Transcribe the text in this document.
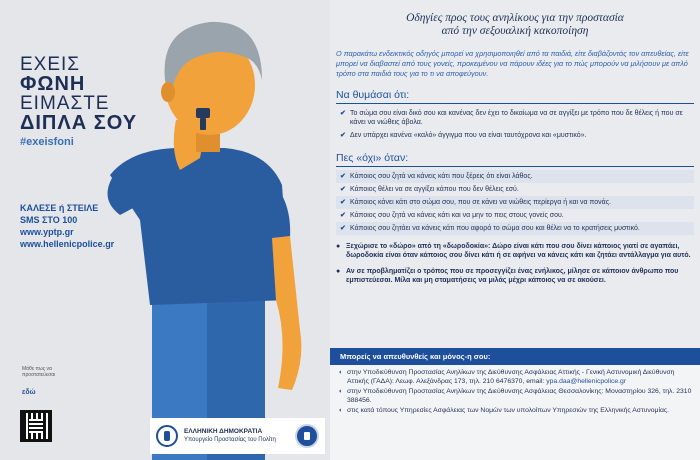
ΕΧΕΙΣ
ΦΩΝΗ
ΕΙΜΑΣΤΕ
ΔΙΠΛΑ ΣΟΥ
#exeisfoni
ΚΑΛΕΣΕ ή ΣΤΕΙΛΕ
SMS ΣΤΟ 100
www.yptp.gr
www.hellenicpolice.gr
Μάθε πως να προστατεύεσαι
εδώ
ΕΛΛΗΝΙΚΗ ΔΗΜΟΚΡΑΤΙΑ
Υπουργείο Προστασίας του Πολίτη
Οδηγίες προς τους ανηλίκους για την προστασία
από την σεξουαλική κακοποίηση
Ο παρακάτω ενδεικτικός οδηγός μπορεί να χρησιμοποιηθεί από τα παιδιά, είτε διαβάζοντάς τον απευθείας, είτε μπορεί να διαβαστεί από τους γονείς, προκειμένου να πάρουν ιδέες για το πώς μπορούν να μιλήσουν με απλό τρόπο στα παιδιά τους για το τι να αποφεύγουν.
Να θυμάσαι ότι:
✔ Το σώμα σου είναι δικό σου και κανένας δεν έχει το δικαίωμα να σε αγγίξει με τρόπο που δε θέλεις ή που σε κάνει να νιώθεις άβολα.
✔ Δεν υπάρχει κανένα «καλό» άγγιγμα που να είναι ταυτόχρονα και «μυστικό».
Πες «όχι» όταν:
✔ Κάποιος σου ζητά να κάνεις κάτι που ξέρεις ότι είναι λάθος.
✔ Κάποιος θέλει να σε αγγίξει κάπου που δεν θέλεις εσύ.
✔ Κάποιος κάνει κάτι στο σώμα σου, που σε κάνει να νιώθεις περίεργα ή και να πονάς.
✔ Κάποιος σου ζητά να κάνεις κάτι και να μην το πεις στους γονείς σου.
✔ Κάποιος σου ζητάει να κάνεις κάτι που αφορά το σώμα σου και θέλει να το κρατήσεις μυστικό.
● Ξεχώρισε το «δώρο» από τη «δωροδοκία»: Δώρο είναι κάτι που σου δίνει κάποιος γιατί σε αγαπάει, δωροδοκία είναι όταν κάποιος σου δίνει κάτι ή σε αφήνει να κάνεις κάτι και ζητάει αντάλλαγμα για αυτό.
● Αν σε προβληματίζει ο τρόπος που σε προσεγγίζει ένας ενήλικος, μίλησε σε κάποιον άνθρωπο που εμπιστεύεσαι. Μίλα και μη σταματήσεις να μιλάς μέχρι κάποιος να σε ακούσει.
Μπορείς να απευθυνθείς και μόνος-η σου:
◖ στην Υποδιεύθυνση Προστασίας Ανηλίκων της Διεύθυνσης Ασφάλειας Αττικής - Γενική Αστυνομική Διεύθυνση Αττικής (ΓΑΔΑ): Λεωφ. Αλεξάνδρας 173, τηλ. 210 6476370, email: ypa.daa@hellenicpolice.gr
◖ στην Υποδιεύθυνση Προστασίας Ανηλίκων της Διεύθυνσης Ασφάλειας Θεσσαλονίκης: Μοναστηρίου 326, τηλ. 2310 388456.
◖ στις κατά τόπους Υπηρεσίες Ασφάλειας των Νομών των υπολοίπων Υπηρεσιών της Ελληνικής Αστυνομίας.
